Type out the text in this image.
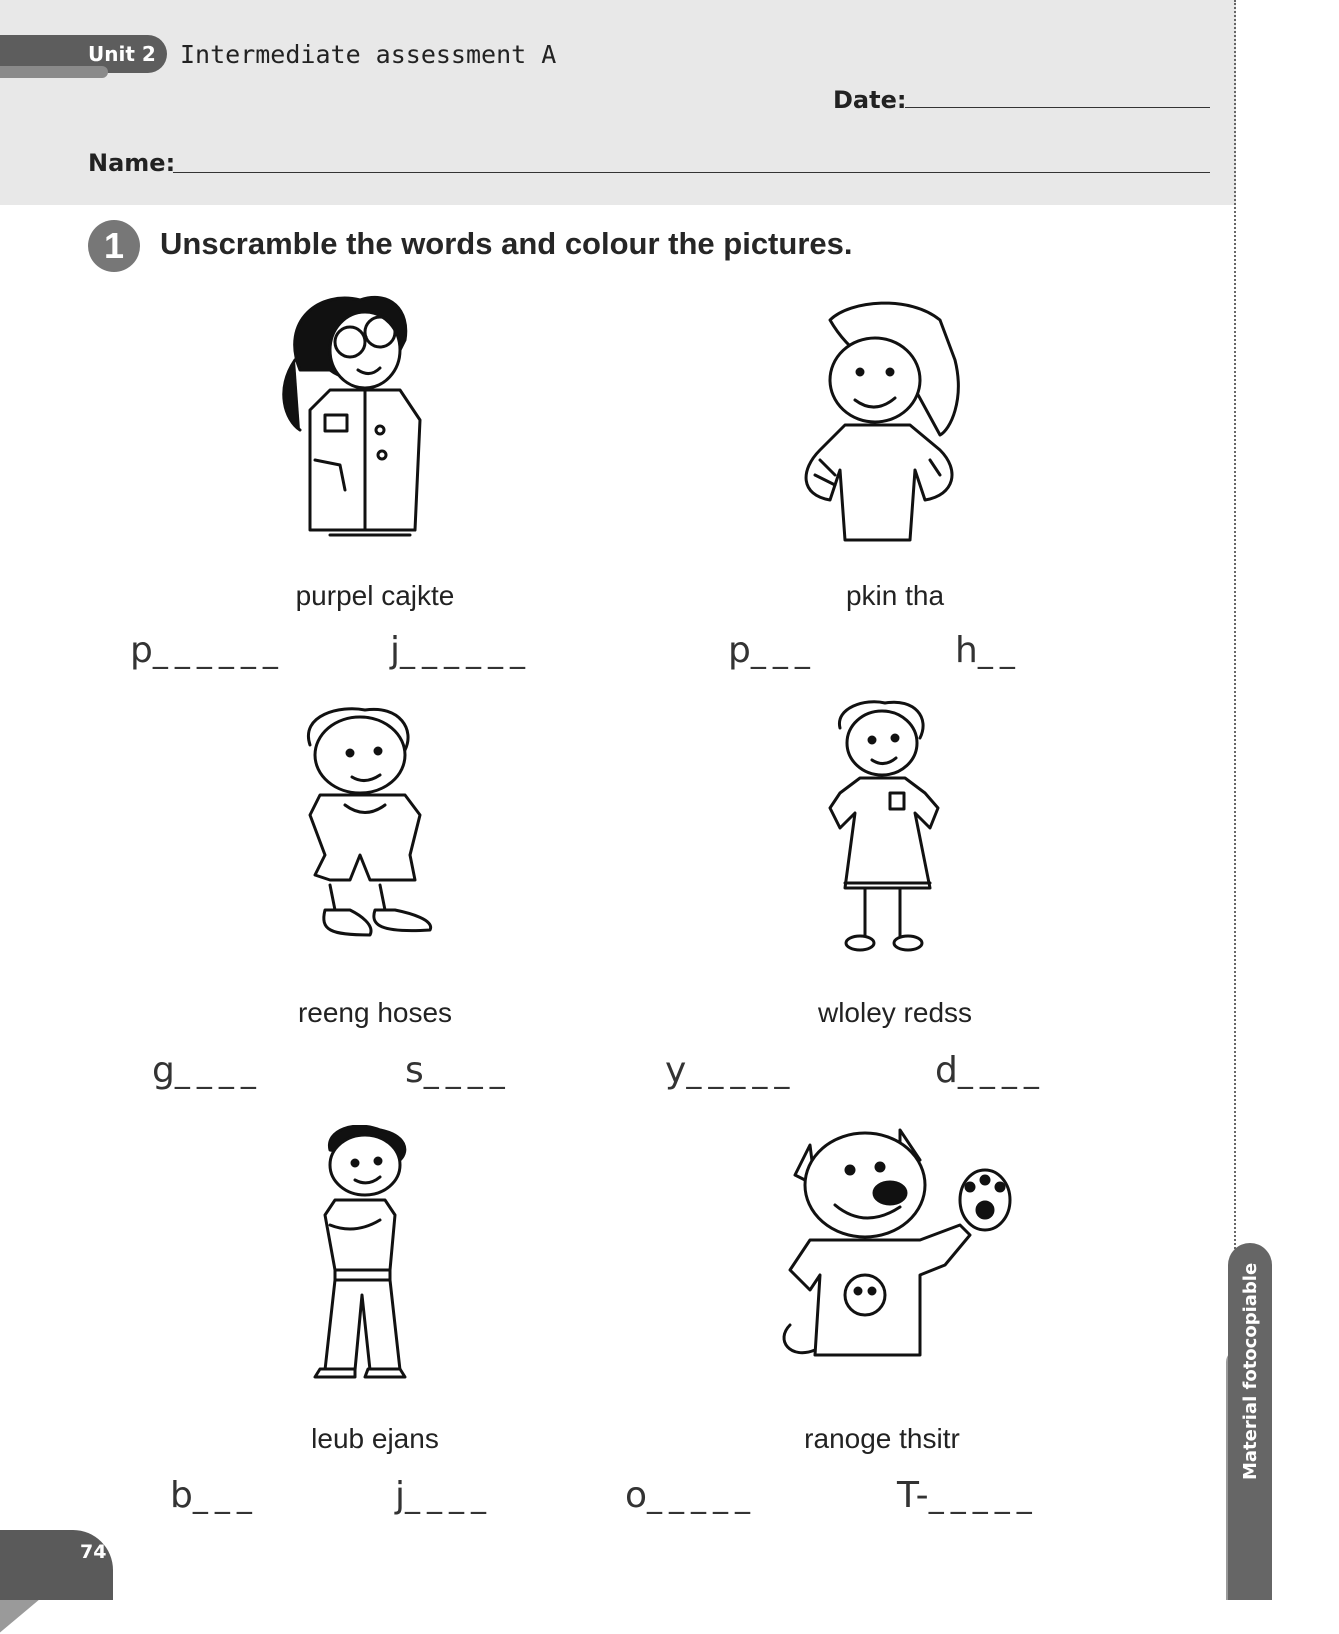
Unit 2 Intermediate assessment A
Date:
Name:
1	Unscramble the words and colour the pictures.
purpel cajkte
p______	j______
pkin tha
p___	h__
reeng hoses
g____	s____
wloley redss
y_____	d____
leub ejans
b___	j____
ranoge thsitr
o_____	T-_____
Material fotocopiable
74
